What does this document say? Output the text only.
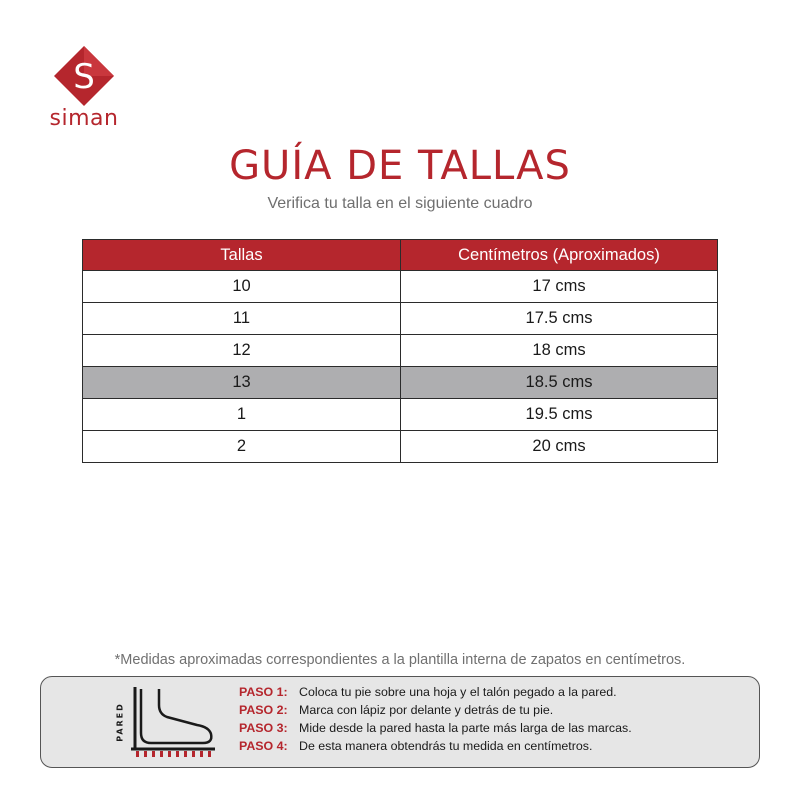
S
siman
GUÍA DE TALLAS
Verifica tu talla en el siguiente cuadro
Tallas	Centímetros (Aproximados)
10	17 cms
11	17.5 cms
12	18 cms
13	18.5 cms
1	19.5 cms
2	20 cms
*Medidas aproximadas correspondientes a la plantilla interna de zapatos en centímetros.
PARED
PASO 1: Coloca tu pie sobre una hoja y el talón pegado a la pared.
PASO 2: Marca con lápiz por delante y detrás de tu pie.
PASO 3: Mide desde la pared hasta la parte más larga de las marcas.
PASO 4: De esta manera obtendrás tu medida en centímetros.
